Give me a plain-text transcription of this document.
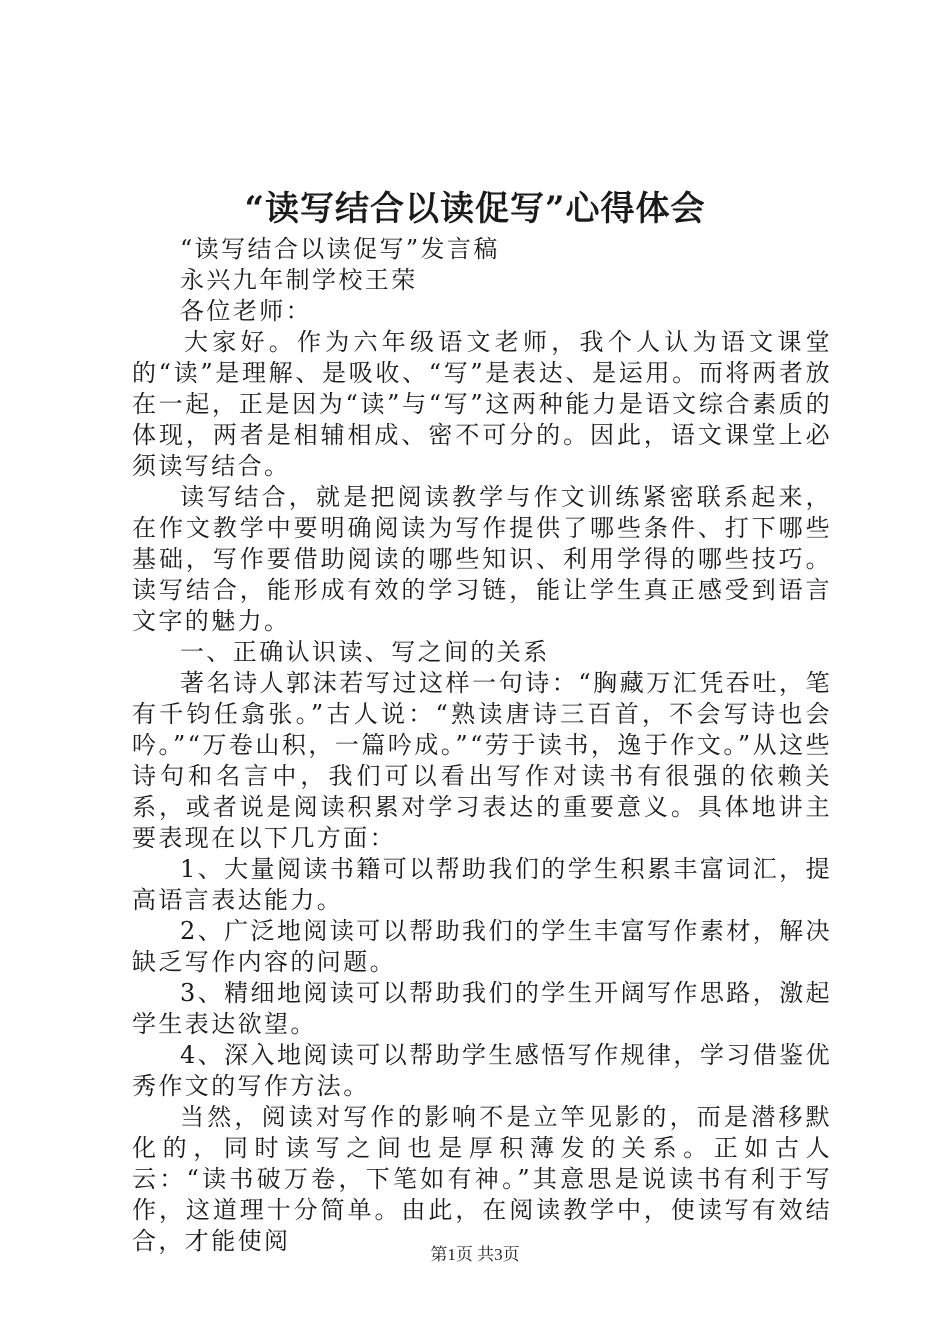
“读写结合以读促写”心得体会

“读写结合以读促写”发言稿

永兴九年制学校王荣

各位老师：

大家好。作为六年级语文老师，我个人认为语文课堂的“读”是理解、是吸收、“写”是表达、是运用。而将两者放在一起，正是因为“读”与“写”这两种能力是语文综合素质的体现，两者是相辅相成、密不可分的。因此，语文课堂上必须读写结合。

读写结合，就是把阅读教学与作文训练紧密联系起来，在作文教学中要明确阅读为写作提供了哪些条件、打下哪些基础，写作要借助阅读的哪些知识、利用学得的哪些技巧。读写结合，能形成有效的学习链，能让学生真正感受到语言文字的魅力。

一、正确认识读、写之间的关系

著名诗人郭沫若写过这样一句诗：“胸藏万汇凭吞吐，笔有千钧任翕张。”古人说：“熟读唐诗三百首，不会写诗也会吟。”“万卷山积，一篇吟成。”“劳于读书，逸于作文。”从这些诗句和名言中，我们可以看出写作对读书有很强的依赖关系，或者说是阅读积累对学习表达的重要意义。具体地讲主要表现在以下几方面：

1、大量阅读书籍可以帮助我们的学生积累丰富词汇，提高语言表达能力。

2、广泛地阅读可以帮助我们的学生丰富写作素材，解决缺乏写作内容的问题。

3、精细地阅读可以帮助我们的学生开阔写作思路，激起学生表达欲望。

4、深入地阅读可以帮助学生感悟写作规律，学习借鉴优秀作文的写作方法。

当然，阅读对写作的影响不是立竿见影的，而是潜移默化的，同时读写之间也是厚积薄发的关系。正如古人云：“读书破万卷，下笔如有神。”其意思是说读书有利于写作，这道理十分简单。由此，在阅读教学中，使读写有效结合，才能使阅	第1页 共3页
